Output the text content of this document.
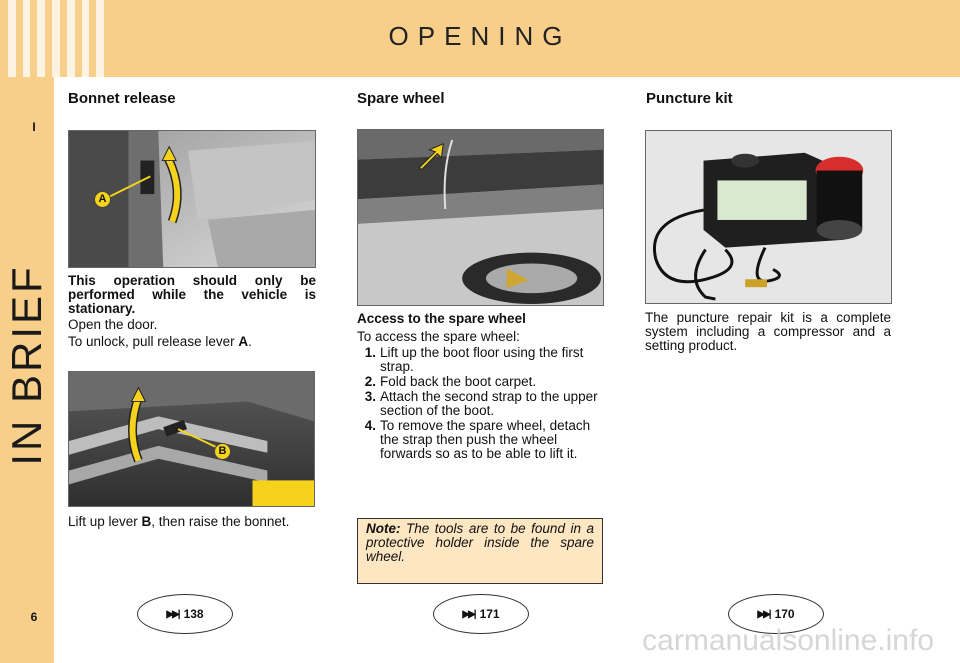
OPENING
I
IN BRIEF
6
Bonnet release
A
This operation should only be performed while the vehicle is stationary.
Open the door.
To unlock, pull release lever A.
B
Lift up lever B, then raise the bonnet.
▶▶| 138
Spare wheel
Access to the spare wheel
To access the spare wheel:
1. Lift up the boot floor using the first strap.
2. Fold back the boot carpet.
3. Attach the second strap to the upper section of the boot.
4. To remove the spare wheel, detach the strap then push the wheel forwards so as to be able to lift it.
Note: The tools are to be found in a protective holder inside the spare wheel.
▶▶| 171
Puncture kit
The puncture repair kit is a complete system including a compressor and a setting product.
▶▶| 170
carmanualsonline.info
